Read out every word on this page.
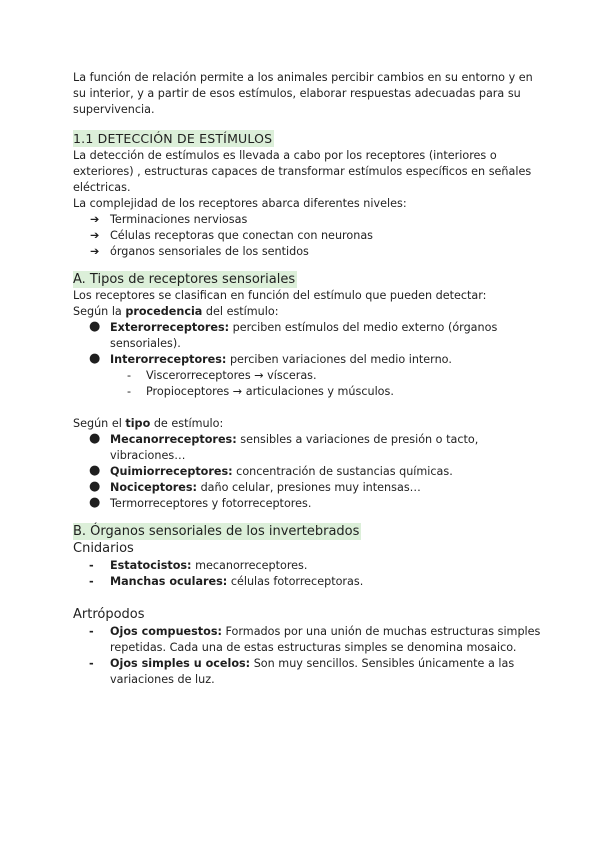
La función de relación permite a los animales percibir cambios en su entorno y en su interior, y a partir de esos estímulos, elaborar respuestas adecuadas para su supervivencia.

1.1 DETECCIÓN DE ESTÍMULOS

La detección de estímulos es llevada a cabo por los receptores (interiores o exteriores) , estructuras capaces de transformar estímulos específicos en señales eléctricas.

La complejidad de los receptores abarca diferentes niveles:

➔ Terminaciones nerviosas
➔ Células receptoras que conectan con neuronas
➔ órganos sensoriales de los sentidos

A. Tipos de receptores sensoriales

Los receptores se clasifican en función del estímulo que pueden detectar:

Según la procedencia del estímulo:

● Exterorreceptores: perciben estímulos del medio externo (órganos sensoriales).
● Interorreceptores: perciben variaciones del medio interno.
- Viscerorreceptores → vísceras.
- Propioceptores → articulaciones y músculos.

Según el tipo de estímulo:

● Mecanorreceptores: sensibles a variaciones de presión o tacto, vibraciones…
● Quimiorreceptores: concentración de sustancias químicas.
● Nociceptores: daño celular, presiones muy intensas…
● Termorreceptores y fotorreceptores.

B. Órganos sensoriales de los invertebrados

Cnidarios

- Estatocistos: mecanorreceptores.
- Manchas oculares: células fotorreceptoras.

Artrópodos

- Ojos compuestos: Formados por una unión de muchas estructuras simples repetidas. Cada una de estas estructuras simples se denomina mosaico.
- Ojos simples u ocelos: Son muy sencillos. Sensibles únicamente a las variaciones de luz.
